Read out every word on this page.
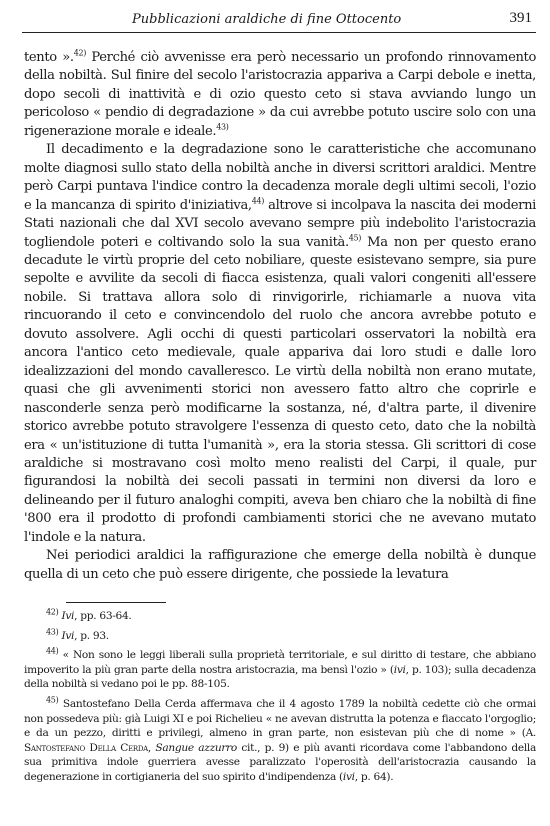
Pubblicazioni araldiche di fine Ottocento	391

tento ».$^{42)}$ Perché ciò avvenisse era però necessario un profondo rinnovamento della nobiltà. Sul finire del secolo l'aristocrazia appariva a Carpi debole e inetta, dopo secoli di inattività e di ozio questo ceto si stava avviando lungo un pericoloso « pendio di degradazione » da cui avrebbe potuto uscire solo con una rigenerazione morale e ideale.$^{43)}$

Il decadimento e la degradazione sono le caratteristiche che accomunano molte diagnosi sullo stato della nobiltà anche in diversi scrittori araldici. Mentre però Carpi puntava l'indice contro la decadenza morale degli ultimi secoli, l'ozio e la mancanza di spirito d'iniziativa,$^{44)}$ altrove si incolpava la nascita dei moderni Stati nazionali che dal XVI secolo avevano sempre più indebolito l'aristocrazia togliendole poteri e coltivando solo la sua vanità.$^{45)}$ Ma non per questo erano decadute le virtù proprie del ceto nobiliare, queste esistevano sempre, sia pure sepolte e avvilite da secoli di fiacca esistenza, quali valori congeniti all'essere nobile. Si trattava allora solo di rinvigorirle, richiamarle a nuova vita rincuorando il ceto e convincendolo del ruolo che ancora avrebbe potuto e dovuto assolvere. Agli occhi di questi particolari osservatori la nobiltà era ancora l'antico ceto medievale, quale appariva dai loro studi e dalle loro idealizzazioni del mondo cavalleresco. Le virtù della nobiltà non erano mutate, quasi che gli avvenimenti storici non avessero fatto altro che coprirle e nasconderle senza però modificarne la sostanza, né, d'altra parte, il divenire storico avrebbe potuto stravolgere l'essenza di questo ceto, dato che la nobiltà era « un'istituzione di tutta l'umanità », era la storia stessa. Gli scrittori di cose araldiche si mostravano così molto meno realisti del Carpi, il quale, pur figurandosi la nobiltà dei secoli passati in termini non diversi da loro e delineando per il futuro analoghi compiti, aveva ben chiaro che la nobiltà di fine '800 era il prodotto di profondi cambiamenti storici che ne avevano mutato l'indole e la natura.

Nei periodici araldici la raffigurazione che emerge della nobiltà è dunque quella di un ceto che può essere dirigente, che possiede la levatura

$^{42)}$ Ivi, pp. 63-64.

$^{43)}$ Ivi, p. 93.

$^{44)}$ « Non sono le leggi liberali sulla proprietà territoriale, e sul diritto di testare, che abbiano impoverito la più gran parte della nostra aristocrazia, ma bensì l'ozio » (ivi, p. 103); sulla decadenza della nobiltà si vedano poi le pp. 88-105.

$^{45)}$ Santostefano Della Cerda affermava che il 4 agosto 1789 la nobiltà cedette ciò che ormai non possedeva più: già Luigi XI e poi Richelieu « ne avevan distrutta la potenza e fiaccato l'orgoglio; e da un pezzo, diritti e privilegi, almeno in gran parte, non esistevan più che di nome » (A. Santostefano Della Cerda, Sangue azzurro cit., p. 9) e più avanti ricordava come l'abbandono della sua primitiva indole guerriera avesse paralizzato l'operosità dell'aristocrazia causando la degenerazione in cortigianeria del suo spirito d'indipendenza (ivi, p. 64).
